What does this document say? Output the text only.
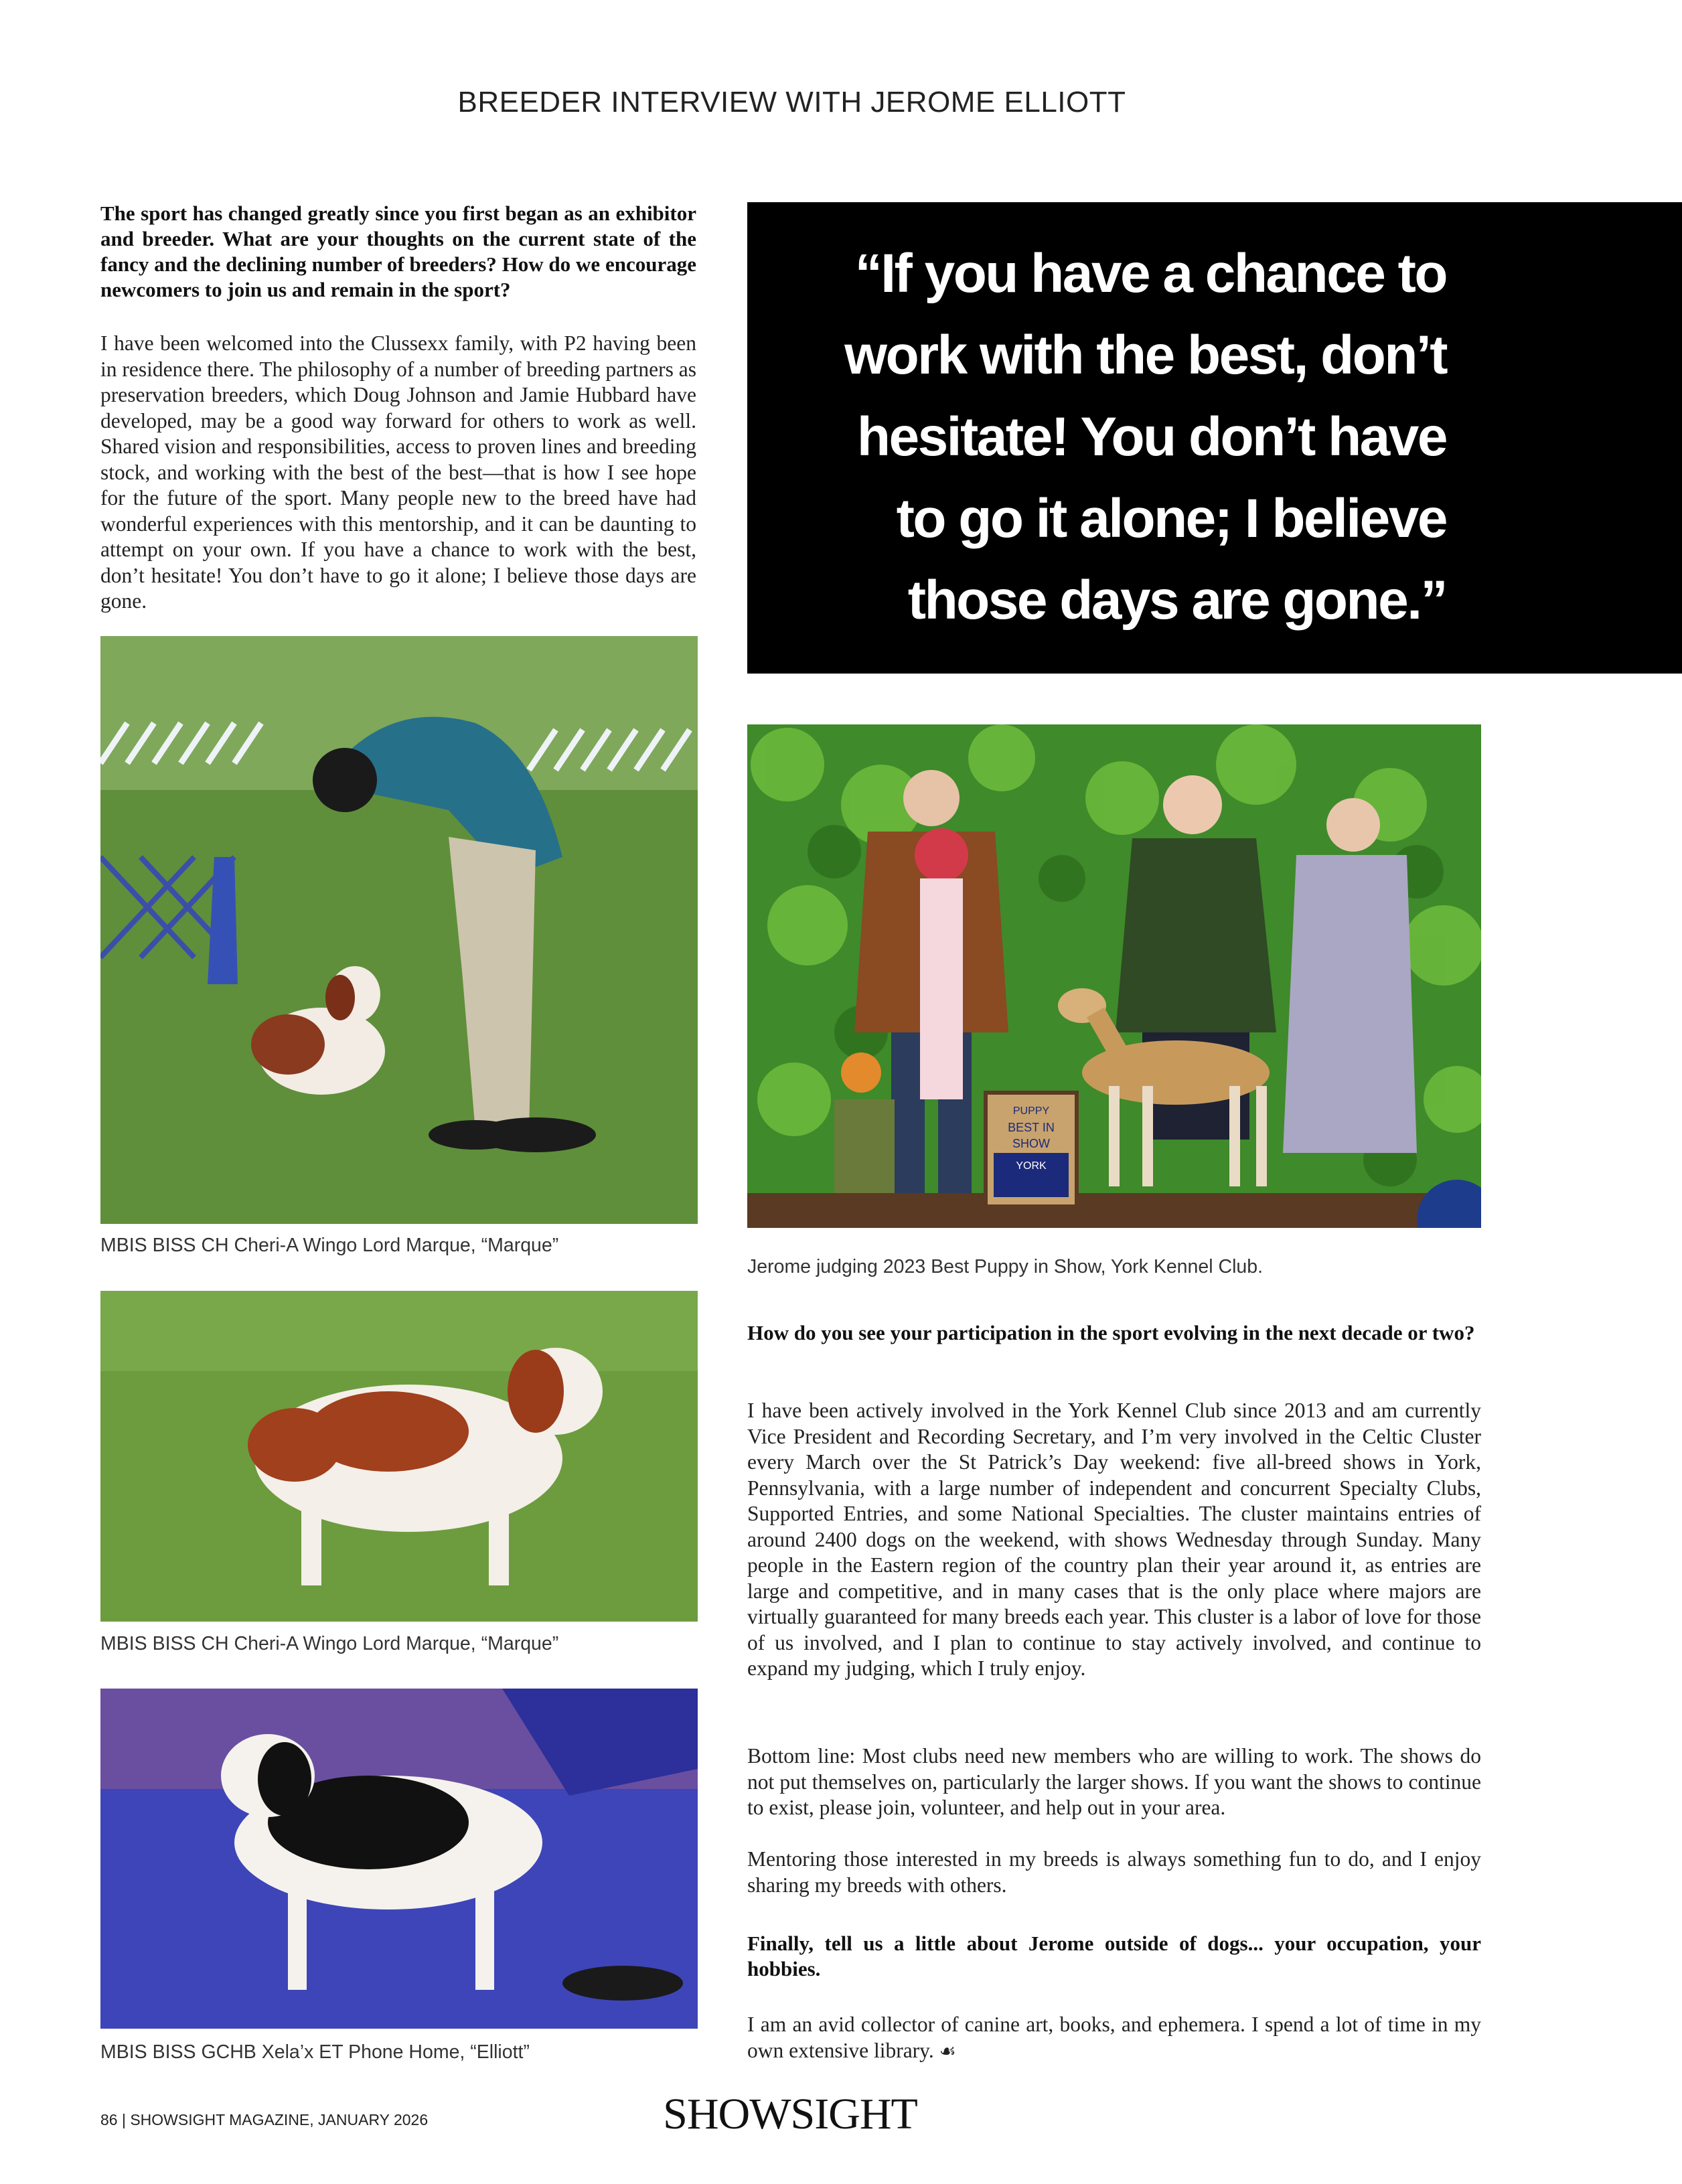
BREEDER INTERVIEW WITH JEROME ELLIOTT
The sport has changed greatly since you first began as an exhibitor and breeder. What are your thoughts on the current state of the fancy and the declining number of breeders? How do we encourage newcomers to join us and remain in the sport?
I have been welcomed into the Clussexx family, with P2 having been in residence there. The philosophy of a number of breeding partners as preservation breeders, which Doug Johnson and Jamie Hubbard have developed, may be a good way forward for others to work as well. Shared vision and responsibilities, access to proven lines and breeding stock, and working with the best of the best—that is how I see hope for the future of the sport. Many people new to the breed have had wonderful experiences with this mentorship, and it can be daunting to attempt on your own. If you have a chance to work with the best, don’t hesitate! You don’t have to go it alone; I believe those days are gone.
MBIS BISS CH Cheri-A Wingo Lord Marque, “Marque”
MBIS BISS CH Cheri-A Wingo Lord Marque, “Marque”
MBIS BISS GCHB Xela’x ET Phone Home, “Elliott”
“If you have a chance to
work with the best, don’t
hesitate! You don’t have
to go it alone; I believe
those days are gone.”
PUPPY
BEST IN
SHOW
YORK
Jerome judging 2023 Best Puppy in Show, York Kennel Club.
How do you see your participation in the sport evolving in the next decade or two?
I have been actively involved in the York Kennel Club since 2013 and am currently Vice President and Recording Secretary, and I’m very involved in the Celtic Cluster every March over the St Patrick’s Day weekend: five all-breed shows in York, Pennsylvania, with a large number of independent and concurrent Specialty Clubs, Supported Entries, and some National Specialties. The cluster maintains entries of around 2400 dogs on the weekend, with shows Wednesday through Sunday. Many people in the Eastern region of the country plan their year around it, as entries are large and competitive, and in many cases that is the only place where majors are virtually guaranteed for many breeds each year. This cluster is a labor of love for those of us involved, and I plan to continue to stay actively involved, and continue to expand my judging, which I truly enjoy.
Bottom line: Most clubs need new members who are willing to work. The shows do not put themselves on, particularly the larger shows. If you want the shows to continue to exist, please join, volunteer, and help out in your area.
Mentoring those interested in my breeds is always something fun to do, and I enjoy sharing my breeds with others.
Finally, tell us a little about Jerome outside of dogs... your occupation, your hobbies.
I am an avid collector of canine art, books, and ephemera. I spend a lot of time in my own extensive library. ☙
86 | SHOWSIGHT MAGAZINE, JANUARY 2026	SHOWSIGHT
